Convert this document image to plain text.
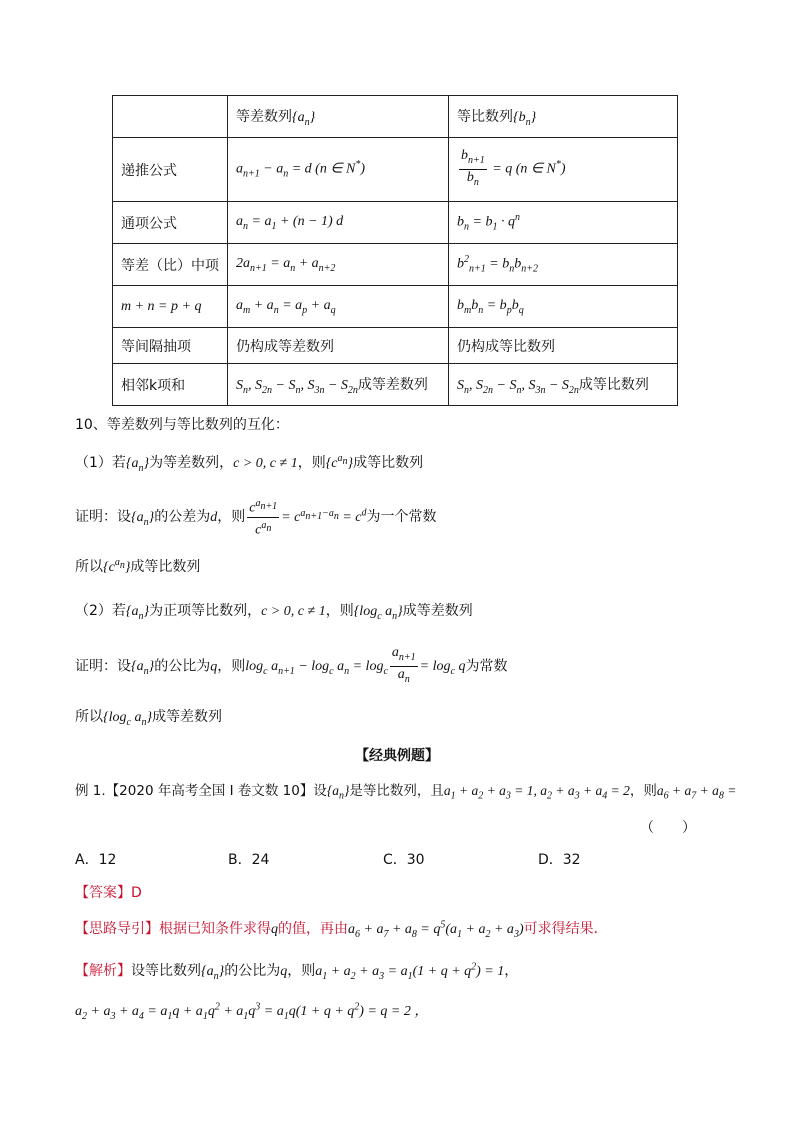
	等差数列$\{a_n\}$	等比数列$\{b_n\}$
递推公式	$a_{n+1} - a_n = d$ (n ∈ N*)	$\frac{b_{n+1}}{b_n} = q$ (n ∈ N*)
通项公式	$a_n = a_1 + (n - 1)$ d	$b_n = b_1 \cdot q^n$
等差（比）中项	$2a_{n+1} = a_n + a_{n+2}$	$b^2_{n+1} = b_nb_{n+2}$
m + n = p + q	$a_m + a_n = a_p + a_q$	$b_mb_n = b_pb_q$
等间隔抽项	仍构成等差数列	仍构成等比数列
相邻k项和	$S_n$, $S_{2n} - S_n$, $S_{3n} - S_{2n}$成等差数列	$S_n$, $S_{2n} - S_n$, $S_{3n} - S_{2n}$成等比数列
10、等差数列与等比数列的互化：
（1）若$\{a_n\}$为等差数列，c > 0, c ≠ 1，则$\{c^{a_n}\}$成等比数列
证明：设$\{a_n\}$的公差为d，则 $\frac{c^{a_{n+1}}}{c^{a_n}} = c^{a_{n+1}-a_n} = c^d$为一个常数
所以$\{c^{a_n}\}$成等比数列
（2）若$\{a_n\}$为正项等比数列，c > 0, c ≠ 1，则{$\log_c$ $a_n$}成等差数列
证明：设$\{a_n\}$的公比为q，则$\log_c a_{n+1} - \log_c a_n = \log_c \frac{a_{n+1}}{a_n} = \log_c q$为常数
所以{$\log_c$ $a_n$}成等差数列
【经典例题】
例 1.【2020 年高考全国 I 卷文数 10】设$\{a_n\}$是等比数列，且$a_1 + a_2 + a_3 = 1$, $a_2 + a_3 + a_4 = 2$，则$a_6 + a_7 + a_8$ =
（　　）
A．12	B．24	C．30	D．32
【答案】D
【思路导引】根据已知条件求得q的值，再由$a_6 + a_7 + a_8 = q^5(a_1 + a_2 + a_3)$可求得结果．
【解析】设等比数列$\{a_n\}$的公比为q，则$a_1 + a_2 + a_3 = a_1(1 + q + q^2) = 1$，
$a_2 + a_3 + a_4 = a_1q + a_1q^2 + a_1q^3 = a_1q(1 + q + q^2) = q = 2$ ，
